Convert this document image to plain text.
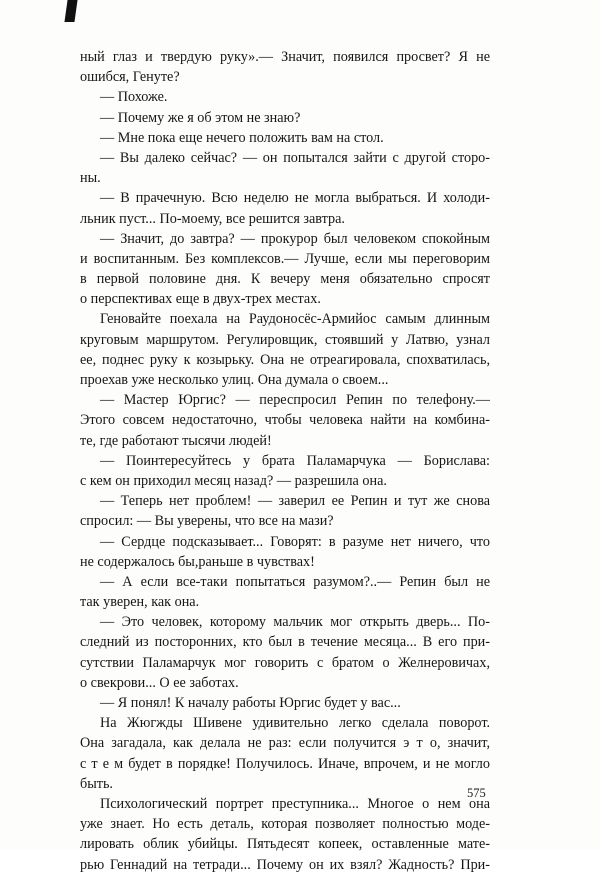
ный глаз и твердую руку».— Значит, появился просвет? Я не
ошибся, Генуте?
— Похоже.
— Почему же я об этом не знаю?
— Мне пока еще нечего положить вам на стол.
— Вы далеко сейчас? — он попытался зайти с другой сторо-
ны.
— В прачечную. Всю неделю не могла выбраться. И холоди-
льник пуст... По-моему, все решится завтра.
— Значит, до завтра? — прокурор был человеком спокойным
и воспитанным. Без комплексов.— Лучше, если мы переговорим
в первой половине дня. К вечеру меня обязательно спросят
о перспективах еще в двух-трех местах.
Геновайте поехала на Раудоносёс-Армийос самым длинным
круговым маршрутом. Регулировщик, стоявший у Латвю, узнал
ее, поднес руку к козырьку. Она не отреагировала, спохватилась,
проехав уже несколько улиц. Она думала о своем...
— Мастер Юргис? — переспросил Репин по телефону.—
Этого совсем недостаточно, чтобы человека найти на комбина-
те, где работают тысячи людей!
— Поинтересуйтесь у брата Паламарчука — Борислава:
с кем он приходил месяц назад? — разрешила она.
— Теперь нет проблем! — заверил ее Репин и тут же снова
спросил: — Вы уверены, что все на мази?
— Сердце подсказывает... Говорят: в разуме нет ничего, что
не содержалось бы,раньше в чувствах!
— А если все-таки попытаться разумом?..— Репин был не
так уверен, как она.
— Это человек, которому мальчик мог открыть дверь... По-
следний из посторонних, кто был в течение месяца... В его при-
сутствии Паламарчук мог говорить с братом о Желнеровичах,
о свекрови... О ее заботах.
— Я понял! К началу работы Юргис будет у вас...
На Жюгжды Шивене удивительно легко сделала поворот.
Она загадала, как делала не раз: если получится э т о, значит,
с т е м будет в порядке! Получилось. Иначе, впрочем, и не могло
быть.
Психологический портрет преступника... Многое о нем она
уже знает. Но есть деталь, которая позволяет полностью моде-
лировать облик убийцы. Пятьдесят копеек, оставленные мате-
рью Геннадий на тетради... Почему он их взял? Жадность? При-
575
